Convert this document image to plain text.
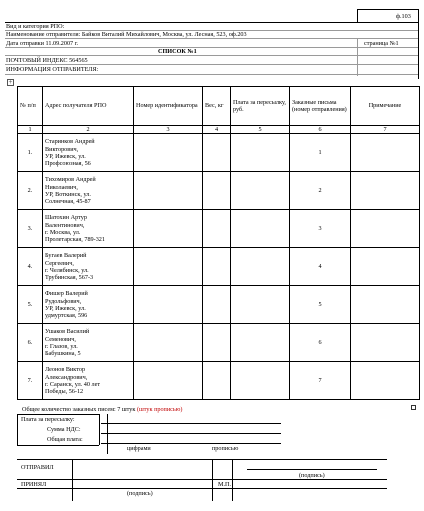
ф.103
Вид и категория РПО:
Наименование отправителя: Байков Виталий Михайлович, Москва, ул. Лесная, 523, оф.203
Дата отправки 11.09.2007 г.	страница №1
СПИСОК №1
ПОЧТОВЫЙ ИНДЕКС 564565
ИНФОРМАЦИЯ ОТПРАВИТЕЛЯ:
+
№ п/п	Адрес получателя РПО	Номер идентификатора	Вес, кг	Плата за пересылку, руб.	Заказные письма (номер отправления)	Примечание
1	2	3	4	5	6	7
1.	Старинков Андрей
Викторович,
УР, Ижевск, ул.
Профсоюзная, 56				1	
2.	Тихомиров Андрей
Николаевич,
УР, Воткинск, ул.
Солнечная, 45-87				2	
3.	Шатохин Артур
Валентинович,
г. Москва, ул.
Пролетарская, 789-321				3	
4.	Бугаев Валерий
Сергеевич,
г. Челябинск, ул.
Трубинская, 567-3				4	
5.	Фишер Валерий
Рудольфович,
УР, Ижевск, ул.
удмуртская, 596				5	
6.	Ушаков Василий
Семенович,
г. Глазов, ул.
Бабушкина, 5				6	
7.	Леонов Виктор
Александрович,
г. Саранск, ул. 40 лет
Победы, 56-12				7	
Общее количество заказных писем: 7 штук (штук прописью)
Плата за пересылку:
Сумма НДС:
Общая плата:
цифрами	прописью
ОТПРАВИЛ
ПРИНЯЛ
(подпись)
М.П.
(подпись)
